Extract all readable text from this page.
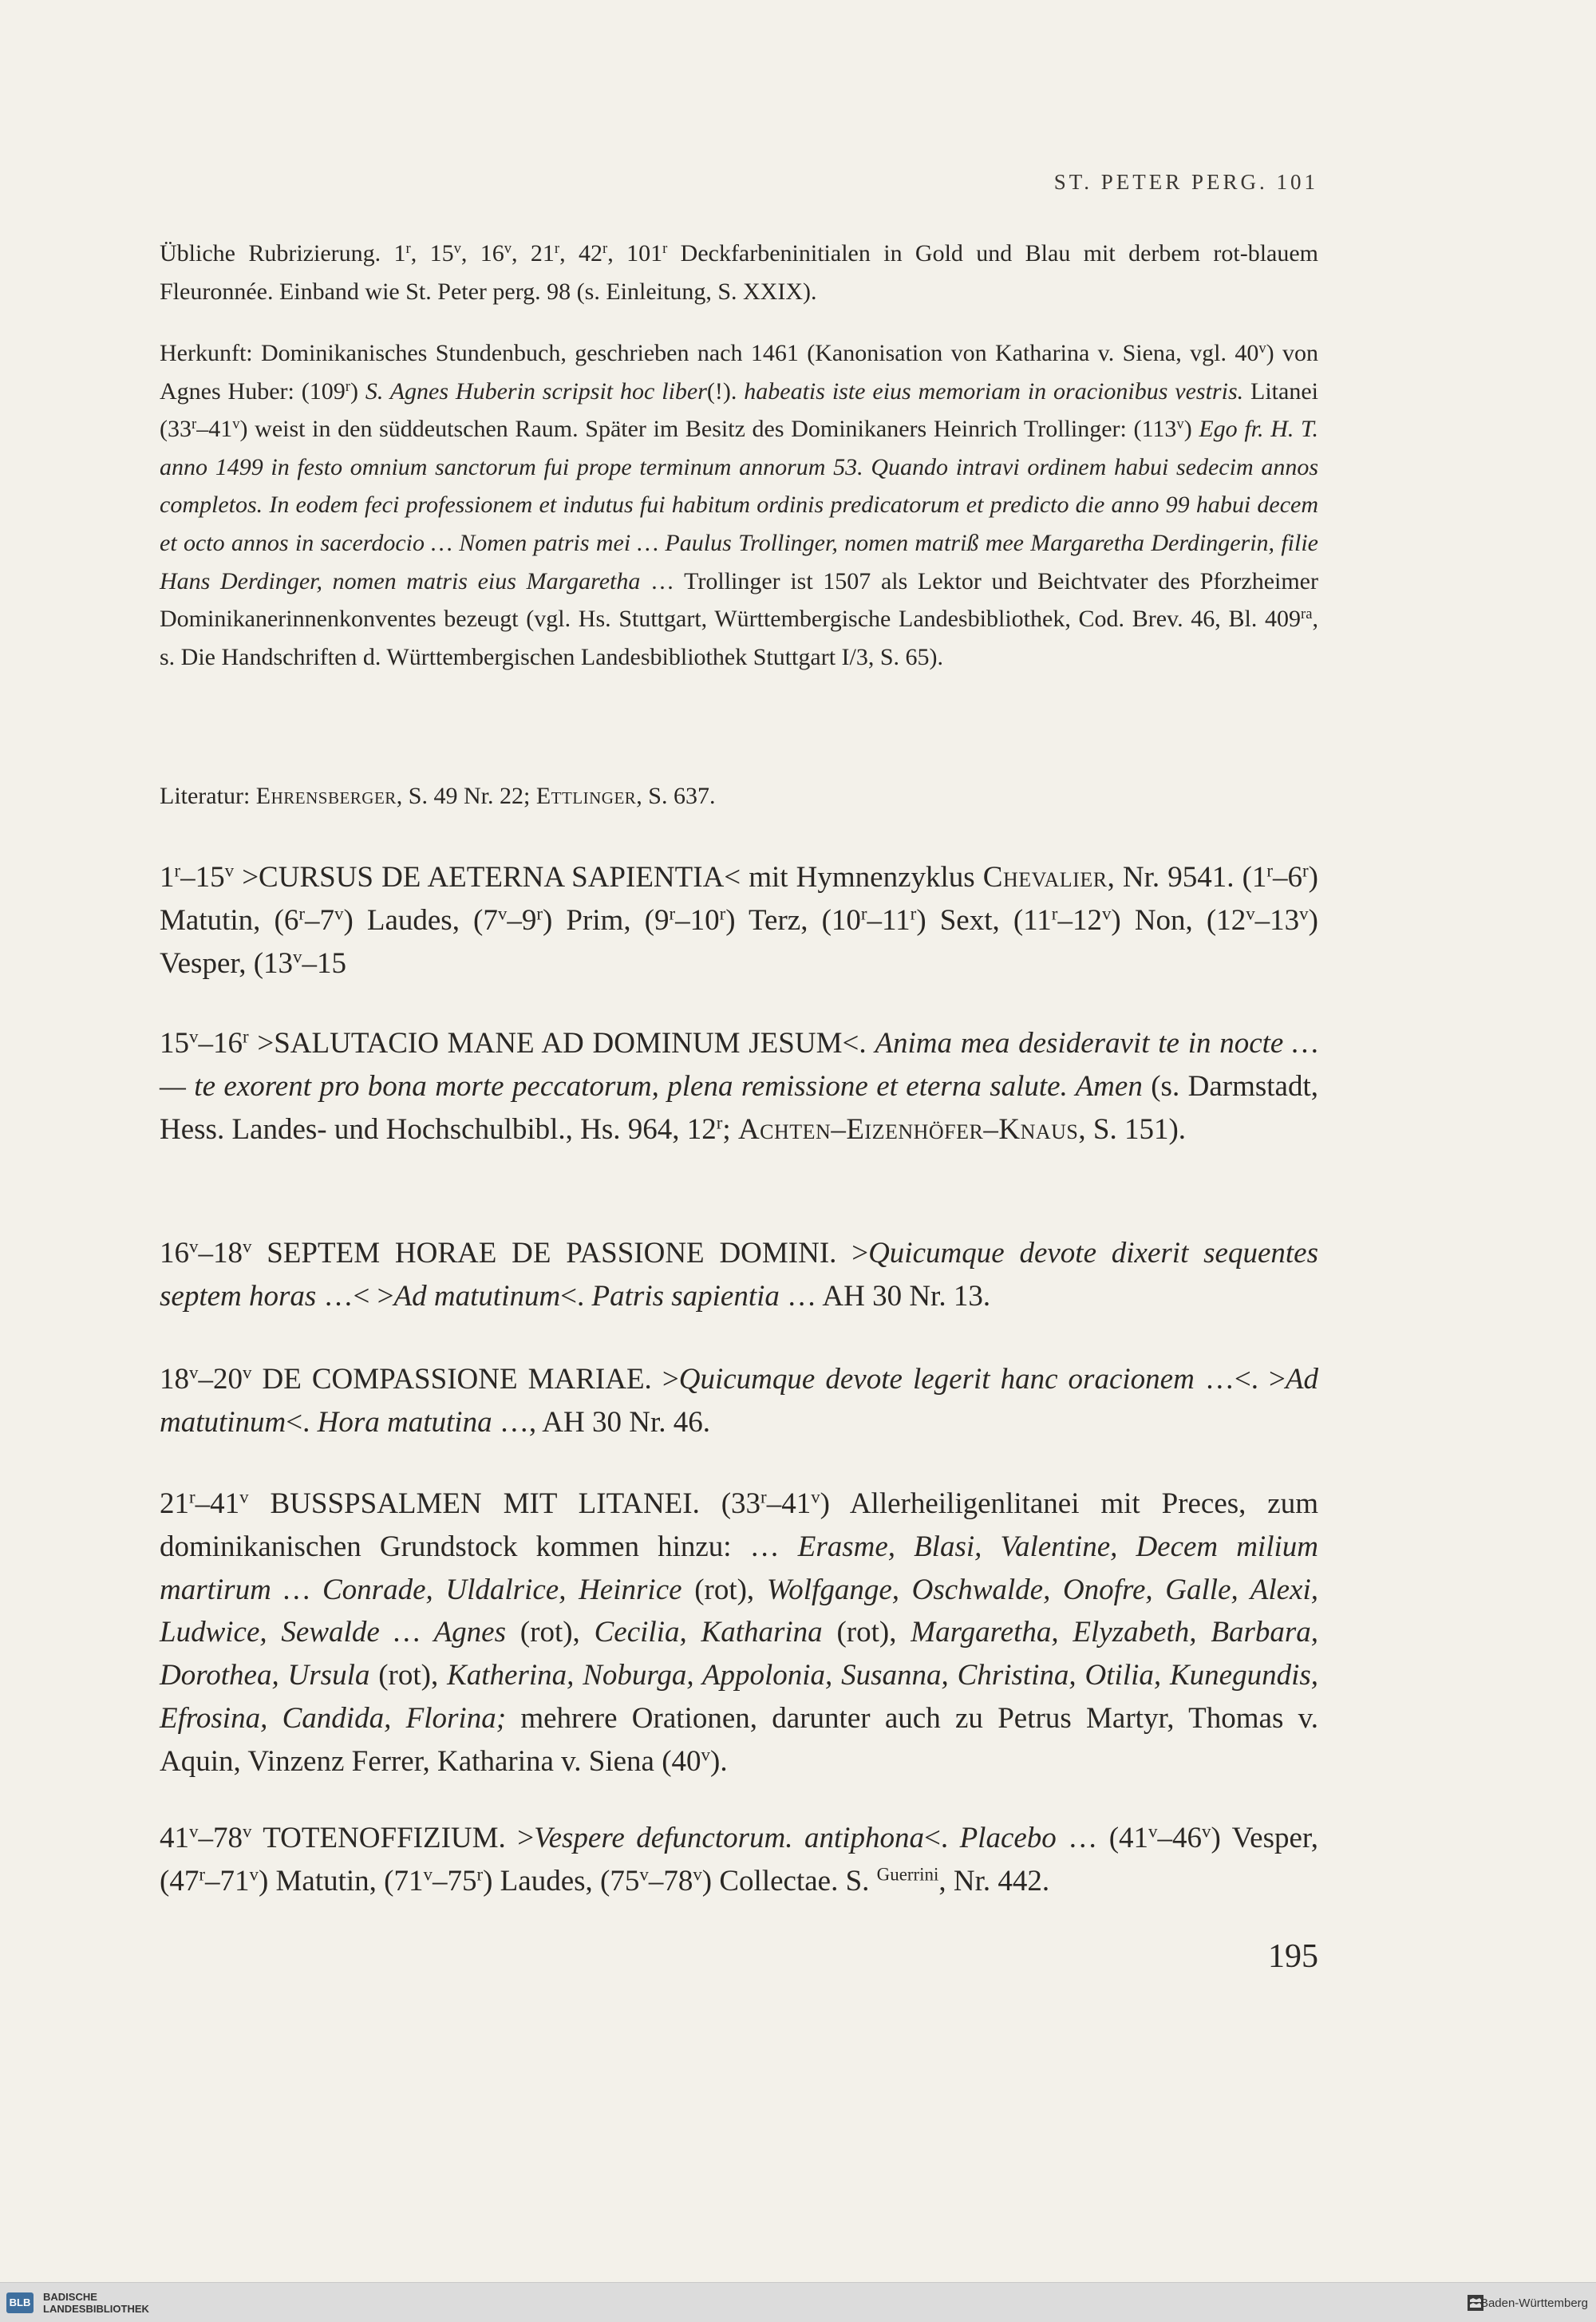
ST. PETER PERG. 101

Übliche Rubrizierung. 1$^r$, 15$^v$, 16$^v$, 21$^r$, 42$^r$, 101$^r$ Deckfarbeninitialen in Gold und Blau mit derbem rot-blauem Fleuronnée. Einband wie St. Peter perg. 98 (s. Einleitung, S. XXIX).

Herkunft: Dominikanisches Stundenbuch, geschrieben nach 1461 (Kanonisation von Katharina v. Siena, vgl. 40$^v$) von Agnes Huber: (109$^r$) S. Agnes Huberin scripsit hoc liber(!). habeatis iste eius memoriam in oracionibus vestris. Litanei (33$^r$–41$^v$) weist in den süddeutschen Raum. Später im Besitz des Dominikaners Heinrich Trollinger: (113$^v$) Ego fr. H. T. anno 1499 in festo omnium sanctorum fui prope terminum annorum 53. Quando intravi ordinem habui sedecim annos completos. In eodem feci professionem et indutus fui habitum ordinis predicatorum et predicto die anno 99 habui decem et octo annos in sacerdocio … Nomen patris mei … Paulus Trollinger, nomen matriß mee Margaretha Derdingerin, filie Hans Derdinger, nomen matris eius Margaretha … Trollinger ist 1507 als Lektor und Beichtvater des Pforzheimer Dominikanerinnenkonventes bezeugt (vgl. Hs. Stuttgart, Württembergische Landesbibliothek, Cod. Brev. 46, Bl. $409^{ra}$, s. Die Handschriften d. Württembergischen Landesbibliothek Stuttgart I/3, S. 65).

Literatur: Ehrensberger, S. 49 Nr. 22; Ettlinger, S. 637.

$1^r-15^v$ >CURSUS DE AETERNA SAPIENTIA< mit Hymnenzyklus Chevalier, Nr. 9541. (1$^r$–6$^r$) Matutin, (6$^r$–7$^v$) Laudes, (7$^v$–9$^r$) Prim, (9$^r$–10$^r$) Terz, (10$^r$–11$^r$) Sext, (11$^r$–12$^v$) Non, (12$^v$–13$^v$) Vesper, (13$^v$–15

$15^v-16^r$ >SALUTACIO MANE AD DOMINUM JESUM<. Anima mea desideravit te in nocte … — te exorent pro bona morte peccatorum, plena remissione et eterna salute. Amen (s. Darmstadt, Hess. Landes- und Hochschulbibl., Hs. 964, 12$^r$; Achten–Eizenhöfer–Knaus, S. 151).

16$^v$–18$^v$ SEPTEM HORAE DE PASSIONE DOMINI. >Quicumque devote dixerit sequentes septem horas …< >Ad matutinum<. Patris sapientia … AH 30 Nr. 13.

18$^v$–20$^v$ DE COMPASSIONE MARIAE. >Quicumque devote legerit hanc oracionem …<. >Ad matutinum<. Hora matutina …, AH 30 Nr. 46.

21$^r$–41$^v$ BUSSPSALMEN MIT LITANEI. (33$^r$–41$^v$) Allerheiligenlitanei mit Preces, zum dominikanischen Grundstock kommen hinzu: … Erasme, Blasi, Valentine, Decem milium martirum … Conrade, Uldalrice, Heinrice (rot), Wolfgange, Oschwalde, Onofre, Galle, Alexi, Ludwice, Sewalde … Agnes (rot), Cecilia, Katharina (rot), Margaretha, Elyzabeth, Barbara, Dorothea, Ursula (rot), Katherina, Noburga, Appolonia, Susanna, Christina, Otilia, Kunegundis, Efrosina, Candida, Florina; mehrere Orationen, darunter auch zu Petrus Martyr, Thomas v. Aquin, Vinzenz Ferrer, Katharina v. Siena (40$^v$).

41$^v$–78$^v$ TOTENOFFIZIUM. >Vespere defunctorum. antiphona<. Placebo … (41$^v$–46$^v$) Vesper, (47$^r$–71$^v$) Matutin, (71$^v$–75$^r$) Laudes, (75$^v$–78$^v$) Collectae. S. $^{Guerrini}$, Nr. 442.

195
BLB BADISCHE
LANDESBIBLIOTHEK	Baden-Württemberg
